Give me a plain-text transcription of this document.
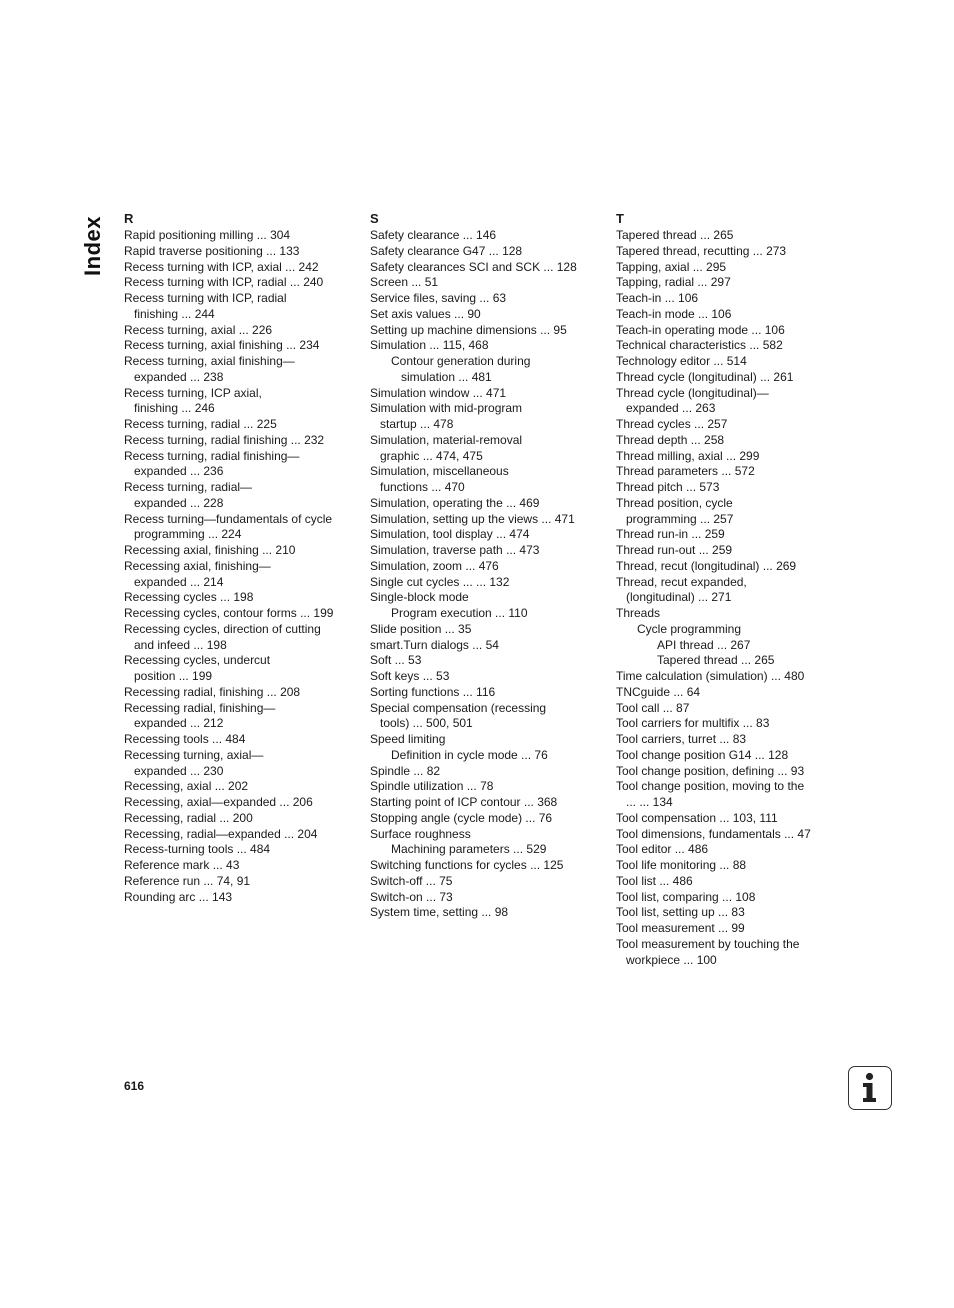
Index R
Rapid positioning milling ... 304
Rapid traverse positioning ... 133
Recess turning with ICP, axial ... 242
Recess turning with ICP, radial ... 240
Recess turning with ICP, radial
finishing ... 244
Recess turning, axial ... 226
Recess turning, axial finishing ... 234
Recess turning, axial finishing—
expanded ... 238
Recess turning, ICP axial,
finishing ... 246
Recess turning, radial ... 225
Recess turning, radial finishing ... 232
Recess turning, radial finishing—
expanded ... 236
Recess turning, radial—
expanded ... 228
Recess turning—fundamentals of cycle
programming ... 224
Recessing axial, finishing ... 210
Recessing axial, finishing—
expanded ... 214
Recessing cycles ... 198
Recessing cycles, contour forms ... 199
Recessing cycles, direction of cutting
and infeed ... 198
Recessing cycles, undercut
position ... 199
Recessing radial, finishing ... 208
Recessing radial, finishing—
expanded ... 212
Recessing tools ... 484
Recessing turning, axial—
expanded ... 230
Recessing, axial ... 202
Recessing, axial—expanded ... 206
Recessing, radial ... 200
Recessing, radial—expanded ... 204
Recess-turning tools ... 484
Reference mark ... 43
Reference run ... 74, 91
Rounding arc ... 143
S
Safety clearance ... 146
Safety clearance G47 ... 128
Safety clearances SCI and SCK ... 128
Screen ... 51
Service files, saving ... 63
Set axis values ... 90
Setting up machine dimensions ... 95
Simulation ... 115, 468
Contour generation during
simulation ... 481
Simulation window ... 471
Simulation with mid-program
startup ... 478
Simulation, material-removal
graphic ... 474, 475
Simulation, miscellaneous
functions ... 470
Simulation, operating the ... 469
Simulation, setting up the views ... 471
Simulation, tool display ... 474
Simulation, traverse path ... 473
Simulation, zoom ... 476
Single cut cycles ... ... 132
Single-block mode
Program execution ... 110
Slide position ... 35
smart.Turn dialogs ... 54
Soft ... 53
Soft keys ... 53
Sorting functions ... 116
Special compensation (recessing
tools) ... 500, 501
Speed limiting
Definition in cycle mode ... 76
Spindle ... 82
Spindle utilization ... 78
Starting point of ICP contour ... 368
Stopping angle (cycle mode) ... 76
Surface roughness
Machining parameters ... 529
Switching functions for cycles ... 125
Switch-off ... 75
Switch-on ... 73
System time, setting ... 98
T
Tapered thread ... 265
Tapered thread, recutting ... 273
Tapping, axial ... 295
Tapping, radial ... 297
Teach-in ... 106
Teach-in mode ... 106
Teach-in operating mode ... 106
Technical characteristics ... 582
Technology editor ... 514
Thread cycle (longitudinal) ... 261
Thread cycle (longitudinal)—
expanded ... 263
Thread cycles ... 257
Thread depth ... 258
Thread milling, axial ... 299
Thread parameters ... 572
Thread pitch ... 573
Thread position, cycle
programming ... 257
Thread run-in ... 259
Thread run-out ... 259
Thread, recut (longitudinal) ... 269
Thread, recut expanded,
(longitudinal) ... 271
Threads
Cycle programming
API thread ... 267
Tapered thread ... 265
Time calculation (simulation) ... 480
TNCguide ... 64
Tool call ... 87
Tool carriers for multifix ... 83
Tool carriers, turret ... 83
Tool change position G14 ... 128
Tool change position, defining ... 93
Tool change position, moving to the
... ... 134
Tool compensation ... 103, 111
Tool dimensions, fundamentals ... 47
Tool editor ... 486
Tool life monitoring ... 88
Tool list ... 486
Tool list, comparing ... 108
Tool list, setting up ... 83
Tool measurement ... 99
Tool measurement by touching the
workpiece ... 100
616
